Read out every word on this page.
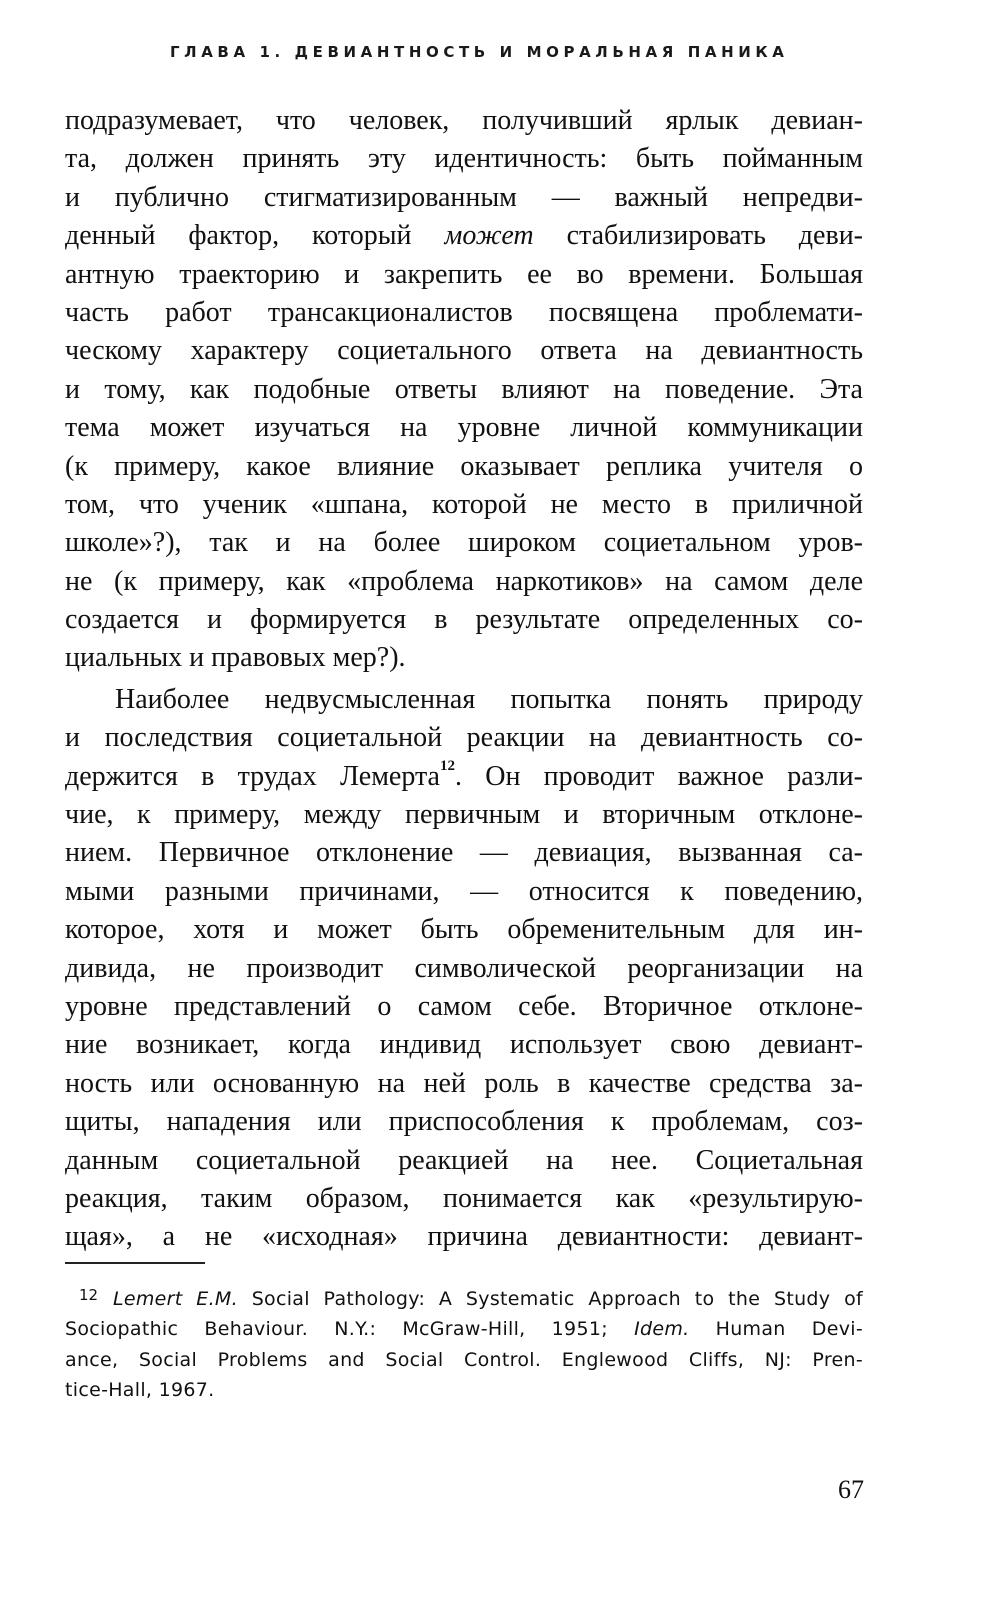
ГЛАВА 1. ДЕВИАНТНОСТЬ И МОРАЛЬНАЯ ПАНИКА
подразумевает, что человек, получивший ярлык девиан-
та, должен принять эту идентичность: быть пойманным
и публично стигматизированным — важный непредви-
денный фактор, который может стабилизировать деви-
антную траекторию и закрепить ее во времени. Большая
часть работ трансакционалистов посвящена проблемати-
ческому характеру социетального ответа на девиантность
и тому, как подобные ответы влияют на поведение. Эта
тема может изучаться на уровне личной коммуникации
(к примеру, какое влияние оказывает реплика учителя о
том, что ученик «шпана, которой не место в приличной
школе»?), так и на более широком социетальном уров-
не (к примеру, как «проблема наркотиков» на самом деле
создается и формируется в результате определенных со-
циальных и правовых мер?).
Наиболее недвусмысленная попытка понять природу
и последствия социетальной реакции на девиантность со-
держится в трудах Лемерта$^{12}$. Он проводит важное разли-
чие, к примеру, между первичным и вторичным отклоне-
нием. Первичное отклонение — девиация, вызванная са-
мыми разными причинами, — относится к поведению,
которое, хотя и может быть обременительным для ин-
дивида, не производит символической реорганизации на
уровне представлений о самом себе. Вторичное отклоне-
ние возникает, когда индивид использует свою девиант-
ность или основанную на ней роль в качестве средства за-
щиты, нападения или приспособления к проблемам, соз-
данным социетальной реакцией на нее. Социетальная
реакция, таким образом, понимается как «результирую-
щая», а не «исходная» причина девиантности: девиант-
12 Lemert E.M. Social Pathology: A Systematic Approach to the Study of
Sociopathic Behaviour. N.Y.: McGraw-Hill, 1951; Idem. Human Devi-
ance, Social Problems and Social Control. Englewood Cliffs, NJ: Pren-
tice-Hall, 1967.
67
